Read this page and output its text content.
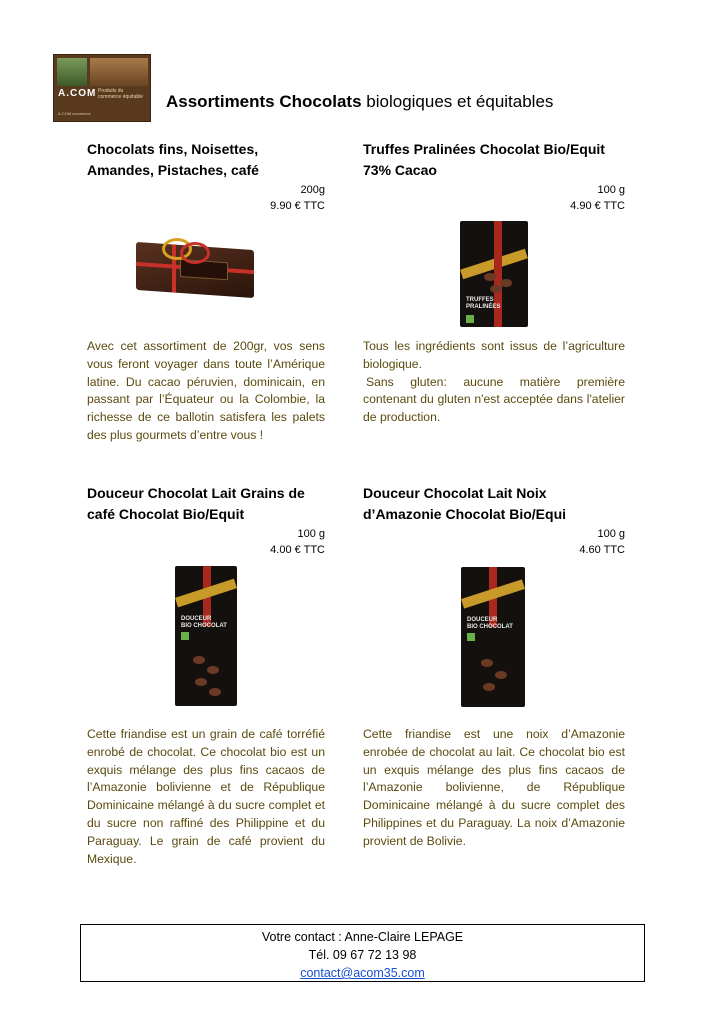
A.COM Produits du commerce équitable
A.COM commerce
Assortiments Chocolats biologiques et équitables

Chocolats fins, Noisettes,
Amandes, Pistaches, café

200g
9.90 € TTC

Avec cet assortiment de 200gr, vos sens vous feront voyager dans toute l’Amérique latine. Du cacao péruvien, dominicain, en passant par l’Équateur ou la Colombie, la richesse de ce ballotin satisfera les palets des plus gourmets d’entre vous !

Truffes Pralinées Chocolat Bio/Equit
73% Cacao

100 g
4.90 € TTC
TRUFFES
PRALINÉES

Tous les ingrédients sont issus de l’agriculture biologique.

Sans gluten: aucune matière première contenant du gluten n'est acceptée dans l'atelier de production.

Douceur Chocolat Lait Grains de
café Chocolat Bio/Equit

100 g
4.00 € TTC
DOUCEUR
BIO CHOCOLAT

Cette friandise est un grain de café torréfié enrobé de chocolat. Ce chocolat bio est un exquis mélange des plus fins cacaos de l’Amazonie bolivienne et de République Dominicaine mélangé à du sucre complet et du sucre non raffiné des Philippine et du Paraguay. Le grain de café provient du Mexique.

Douceur Chocolat Lait Noix
d’Amazonie Chocolat Bio/Equi

100 g
4.60 TTC
DOUCEUR
BIO CHOCOLAT

Cette friandise est une noix d’Amazonie enrobée de chocolat au lait. Ce chocolat bio est un exquis mélange des plus fins cacaos de l’Amazonie bolivienne, de République Dominicaine mélangé à du sucre complet des Philippines et du Paraguay. La noix d’Amazonie provient de Bolivie.

Votre contact : Anne-Claire LEPAGE
Tél. 09 67 72 13 98
contact@acom35.com
